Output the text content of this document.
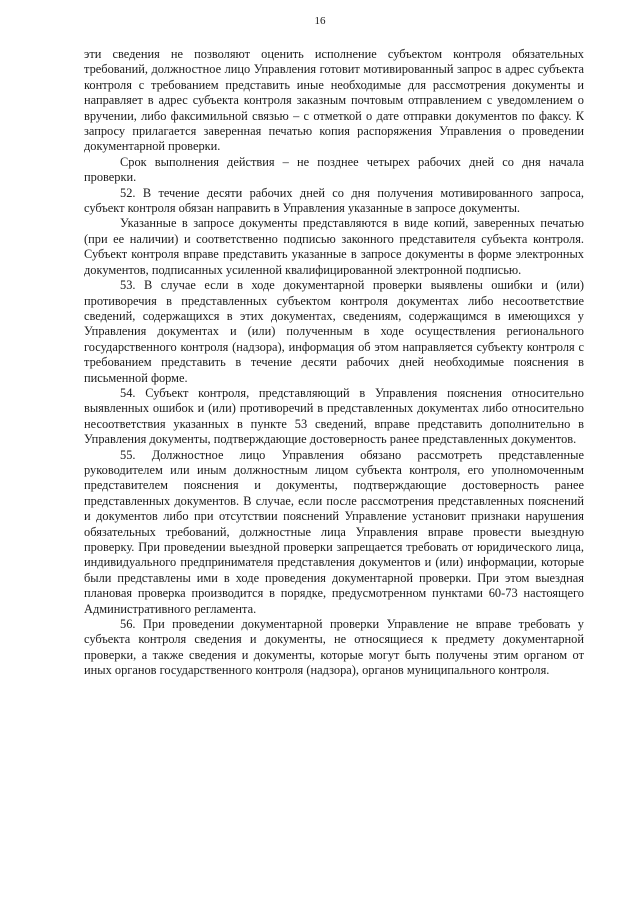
16

эти сведения не позволяют оценить исполнение субъектом контроля обязательных требований, должностное лицо Управления готовит мотивированный запрос в адрес субъекта контроля с требованием представить иные необходимые для рассмотрения документы и направляет в адрес субъекта контроля заказным почтовым отправлением с уведомлением о вручении, либо факсимильной связью – с отметкой о дате отправки документов по факсу. К запросу прилагается заверенная печатью копия распоряжения Управления о проведении документарной проверки.

Срок выполнения действия – не позднее четырех рабочих дней со дня начала проверки.

52. В течение десяти рабочих дней со дня получения мотивированного запроса, субъект контроля обязан направить в Управления указанные в запросе документы.

Указанные в запросе документы представляются в виде копий, заверенных печатью (при ее наличии) и соответственно подписью законного представителя субъекта контроля. Субъект контроля вправе представить указанные в запросе документы в форме электронных документов, подписанных усиленной квалифицированной электронной подписью.

53. В случае если в ходе документарной проверки выявлены ошибки и (или) противоречия в представленных субъектом контроля документах либо несоответствие сведений, содержащихся в этих документах, сведениям, содержащимся в имеющихся у Управления документах и (или) полученным в ходе осуществления регионального государственного контроля (надзора), информация об этом направляется субъекту контроля с требованием представить в течение десяти рабочих дней необходимые пояснения в письменной форме.

54. Субъект контроля, представляющий в Управления пояснения относительно выявленных ошибок и (или) противоречий в представленных документах либо относительно несоответствия указанных в пункте 53 сведений, вправе представить дополнительно в Управления документы, подтверждающие достоверность ранее представленных документов.

55. Должностное лицо Управления обязано рассмотреть представленные руководителем или иным должностным лицом субъекта контроля, его уполномоченным представителем пояснения и документы, подтверждающие достоверность ранее представленных документов. В случае, если после рассмотрения представленных пояснений и документов либо при отсутствии пояснений Управление установит признаки нарушения обязательных требований, должностные лица Управления вправе провести выездную проверку. При проведении выездной проверки запрещается требовать от юридического лица, индивидуального предпринимателя представления документов и (или) информации, которые были представлены ими в ходе проведения документарной проверки. При этом выездная плановая проверка производится в порядке, предусмотренном пунктами 60-73 настоящего Административного регламента.

56. При проведении документарной проверки Управление не вправе требовать у субъекта контроля сведения и документы, не относящиеся к предмету документарной проверки, а также сведения и документы, которые могут быть получены этим органом от иных органов государственного контроля (надзора), органов муниципального контроля.
